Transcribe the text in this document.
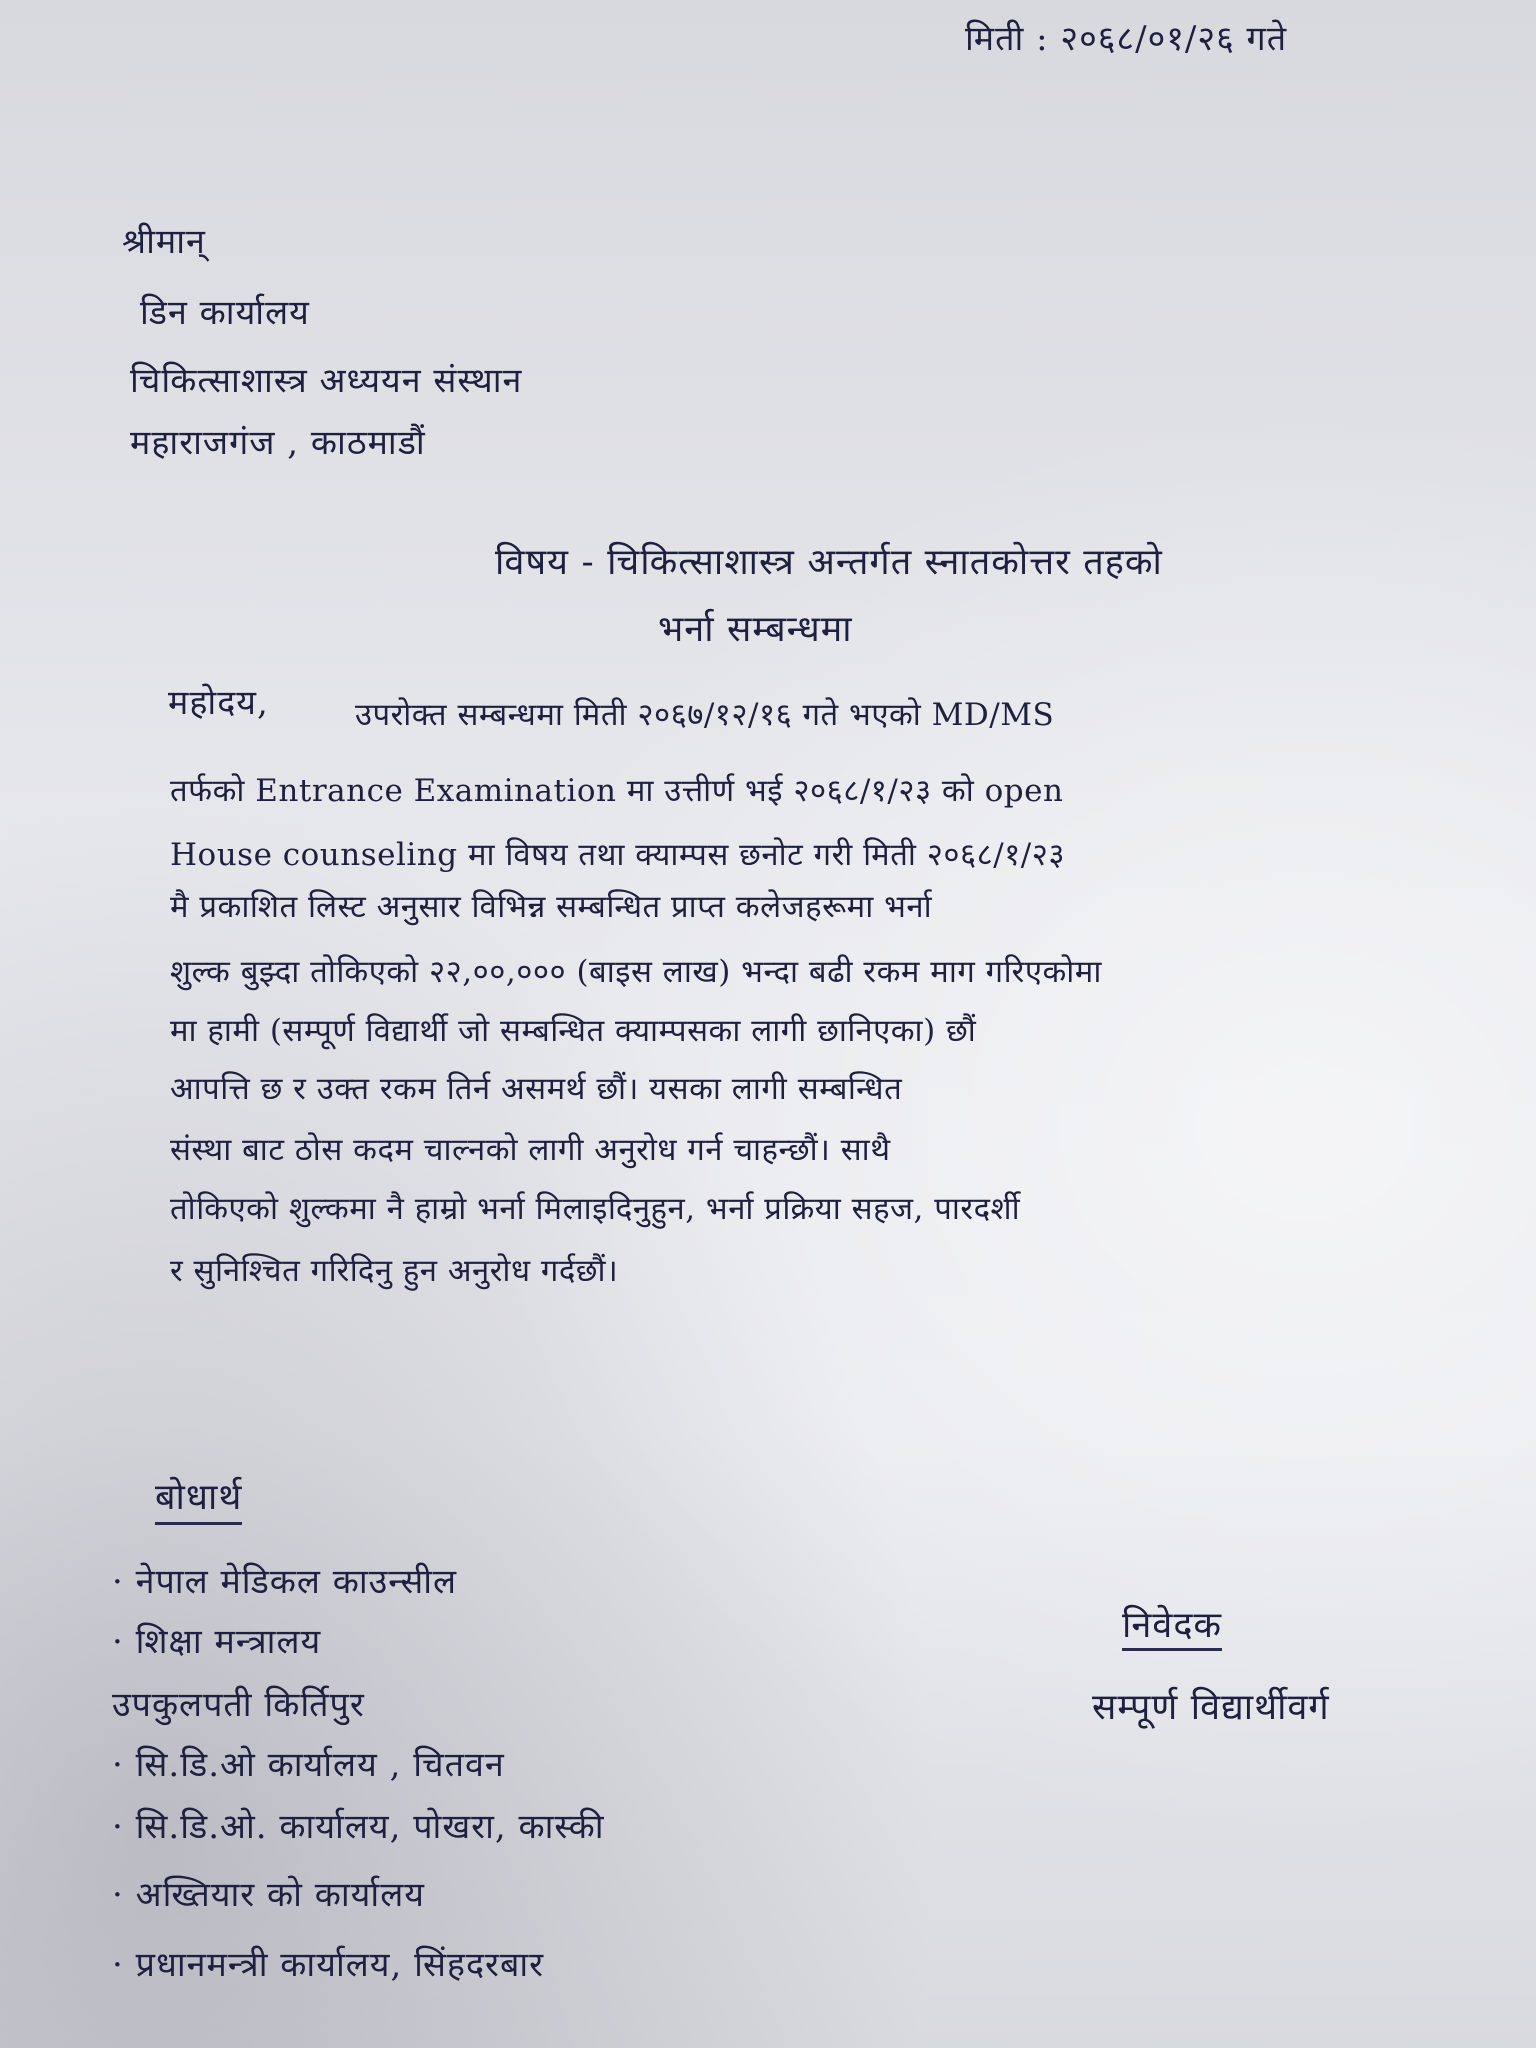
मिती : २०६८/०१/२६ गते
श्रीमान्
डिन कार्यालय
चिकित्साशास्त्र अध्ययन संस्थान
महाराजगंज , काठमाडौं
विषय - चिकित्साशास्त्र अन्तर्गत स्नातकोत्तर तहको
भर्ना सम्बन्धमा
महोदय,	उपरोक्त सम्बन्धमा मिती २०६७/१२/१६ गते भएको MD/MS
तर्फको Entrance Examination मा उत्तीर्ण भई २०६८/१/२३ को open
House counseling मा विषय तथा क्याम्पस छनोट गरी मिती २०६८/१/२३
मै प्रकाशित लिस्ट अनुसार विभिन्न सम्बन्धित प्राप्त कलेजहरूमा भर्ना
शुल्क बुझ्दा तोकिएको २२,००,००० (बाइस लाख) भन्दा बढी रकम माग गरिएकोमा
मा हामी (सम्पूर्ण विद्यार्थी जो सम्बन्धित क्याम्पसका लागी छानिएका) छौं
आपत्ति छ र उक्त रकम तिर्न असमर्थ छौं। यसका लागी सम्बन्धित
संस्था बाट ठोस कदम चाल्नको लागी अनुरोध गर्न चाहन्छौं। साथै
तोकिएको शुल्कमा नै हाम्रो भर्ना मिलाइदिनुहुन, भर्ना प्रक्रिया सहज, पारदर्शी
र सुनिश्चित गरिदिनु हुन अनुरोध गर्दछौं।
बोधार्थ
· नेपाल मेडिकल काउन्सील
· शिक्षा मन्त्रालय
उपकुलपती किर्तिपुर
· सि.डि.ओ कार्यालय , चितवन
· सि.डि.ओ. कार्यालय, पोखरा, कास्की
· अख्तियार को कार्यालय
· प्रधानमन्त्री कार्यालय, सिंहदरबार
निवेदक
सम्पूर्ण विद्यार्थीवर्ग
